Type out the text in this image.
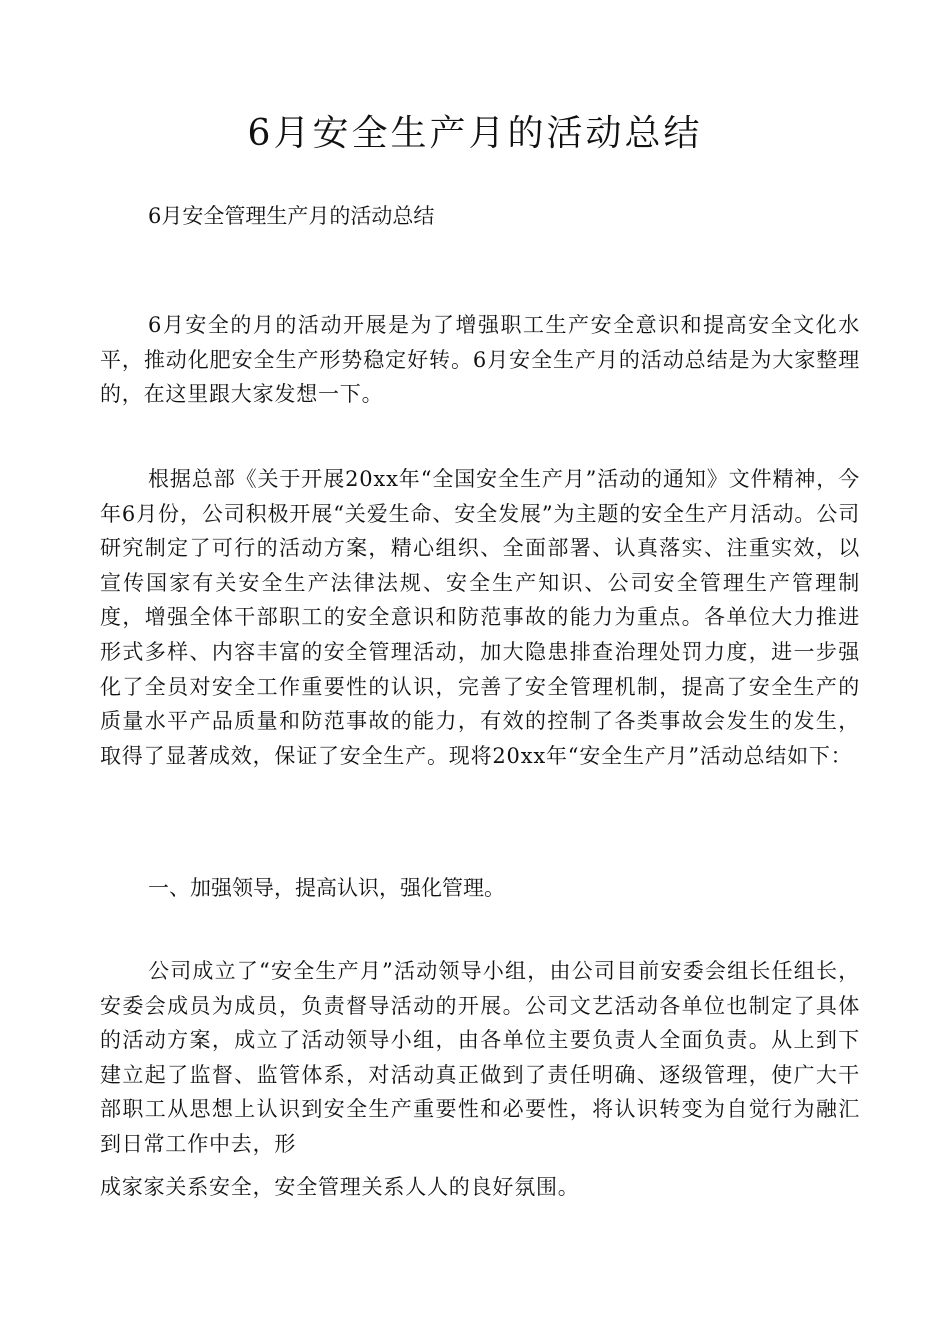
6月安全生产月的活动总结

6月安全管理生产月的活动总结

6月安全的月的活动开展是为了增强职工生产安全意识和提高安全文化水平，推动化肥安全生产形势稳定好转。6月安全生产月的活动总结是为大家整理的，在这里跟大家发想一下。

根据总部《关于开展20xx年“全国安全生产月”活动的通知》文件精神，今年6月份，公司积极开展“关爱生命、安全发展”为主题的安全生产月活动。公司研究制定了可行的活动方案，精心组织、全面部署、认真落实、注重实效，以宣传国家有关安全生产法律法规、安全生产知识、公司安全管理生产管理制度，增强全体干部职工的安全意识和防范事故的能力为重点。各单位大力推进形式多样、内容丰富的安全管理活动，加大隐患排查治理处罚力度，进一步强化了全员对安全工作重要性的认识，完善了安全管理机制，提高了安全生产的质量水平产品质量和防范事故的能力，有效的控制了各类事故会发生的发生，取得了显著成效，保证了安全生产。现将20xx年“安全生产月”活动总结如下：

一、加强领导，提高认识，强化管理。

公司成立了“安全生产月”活动领导小组，由公司目前安委会组长任组长，安委会成员为成员，负责督导活动的开展。公司文艺活动各单位也制定了具体的活动方案，成立了活动领导小组，由各单位主要负责人全面负责。从上到下建立起了监督、监管体系，对活动真正做到了责任明确、逐级管理，使广大干部职工从思想上认识到安全生产重要性和必要性，将认识转变为自觉行为融汇到日常工作中去，形

成家家关系安全，安全管理关系人人的良好氛围。
